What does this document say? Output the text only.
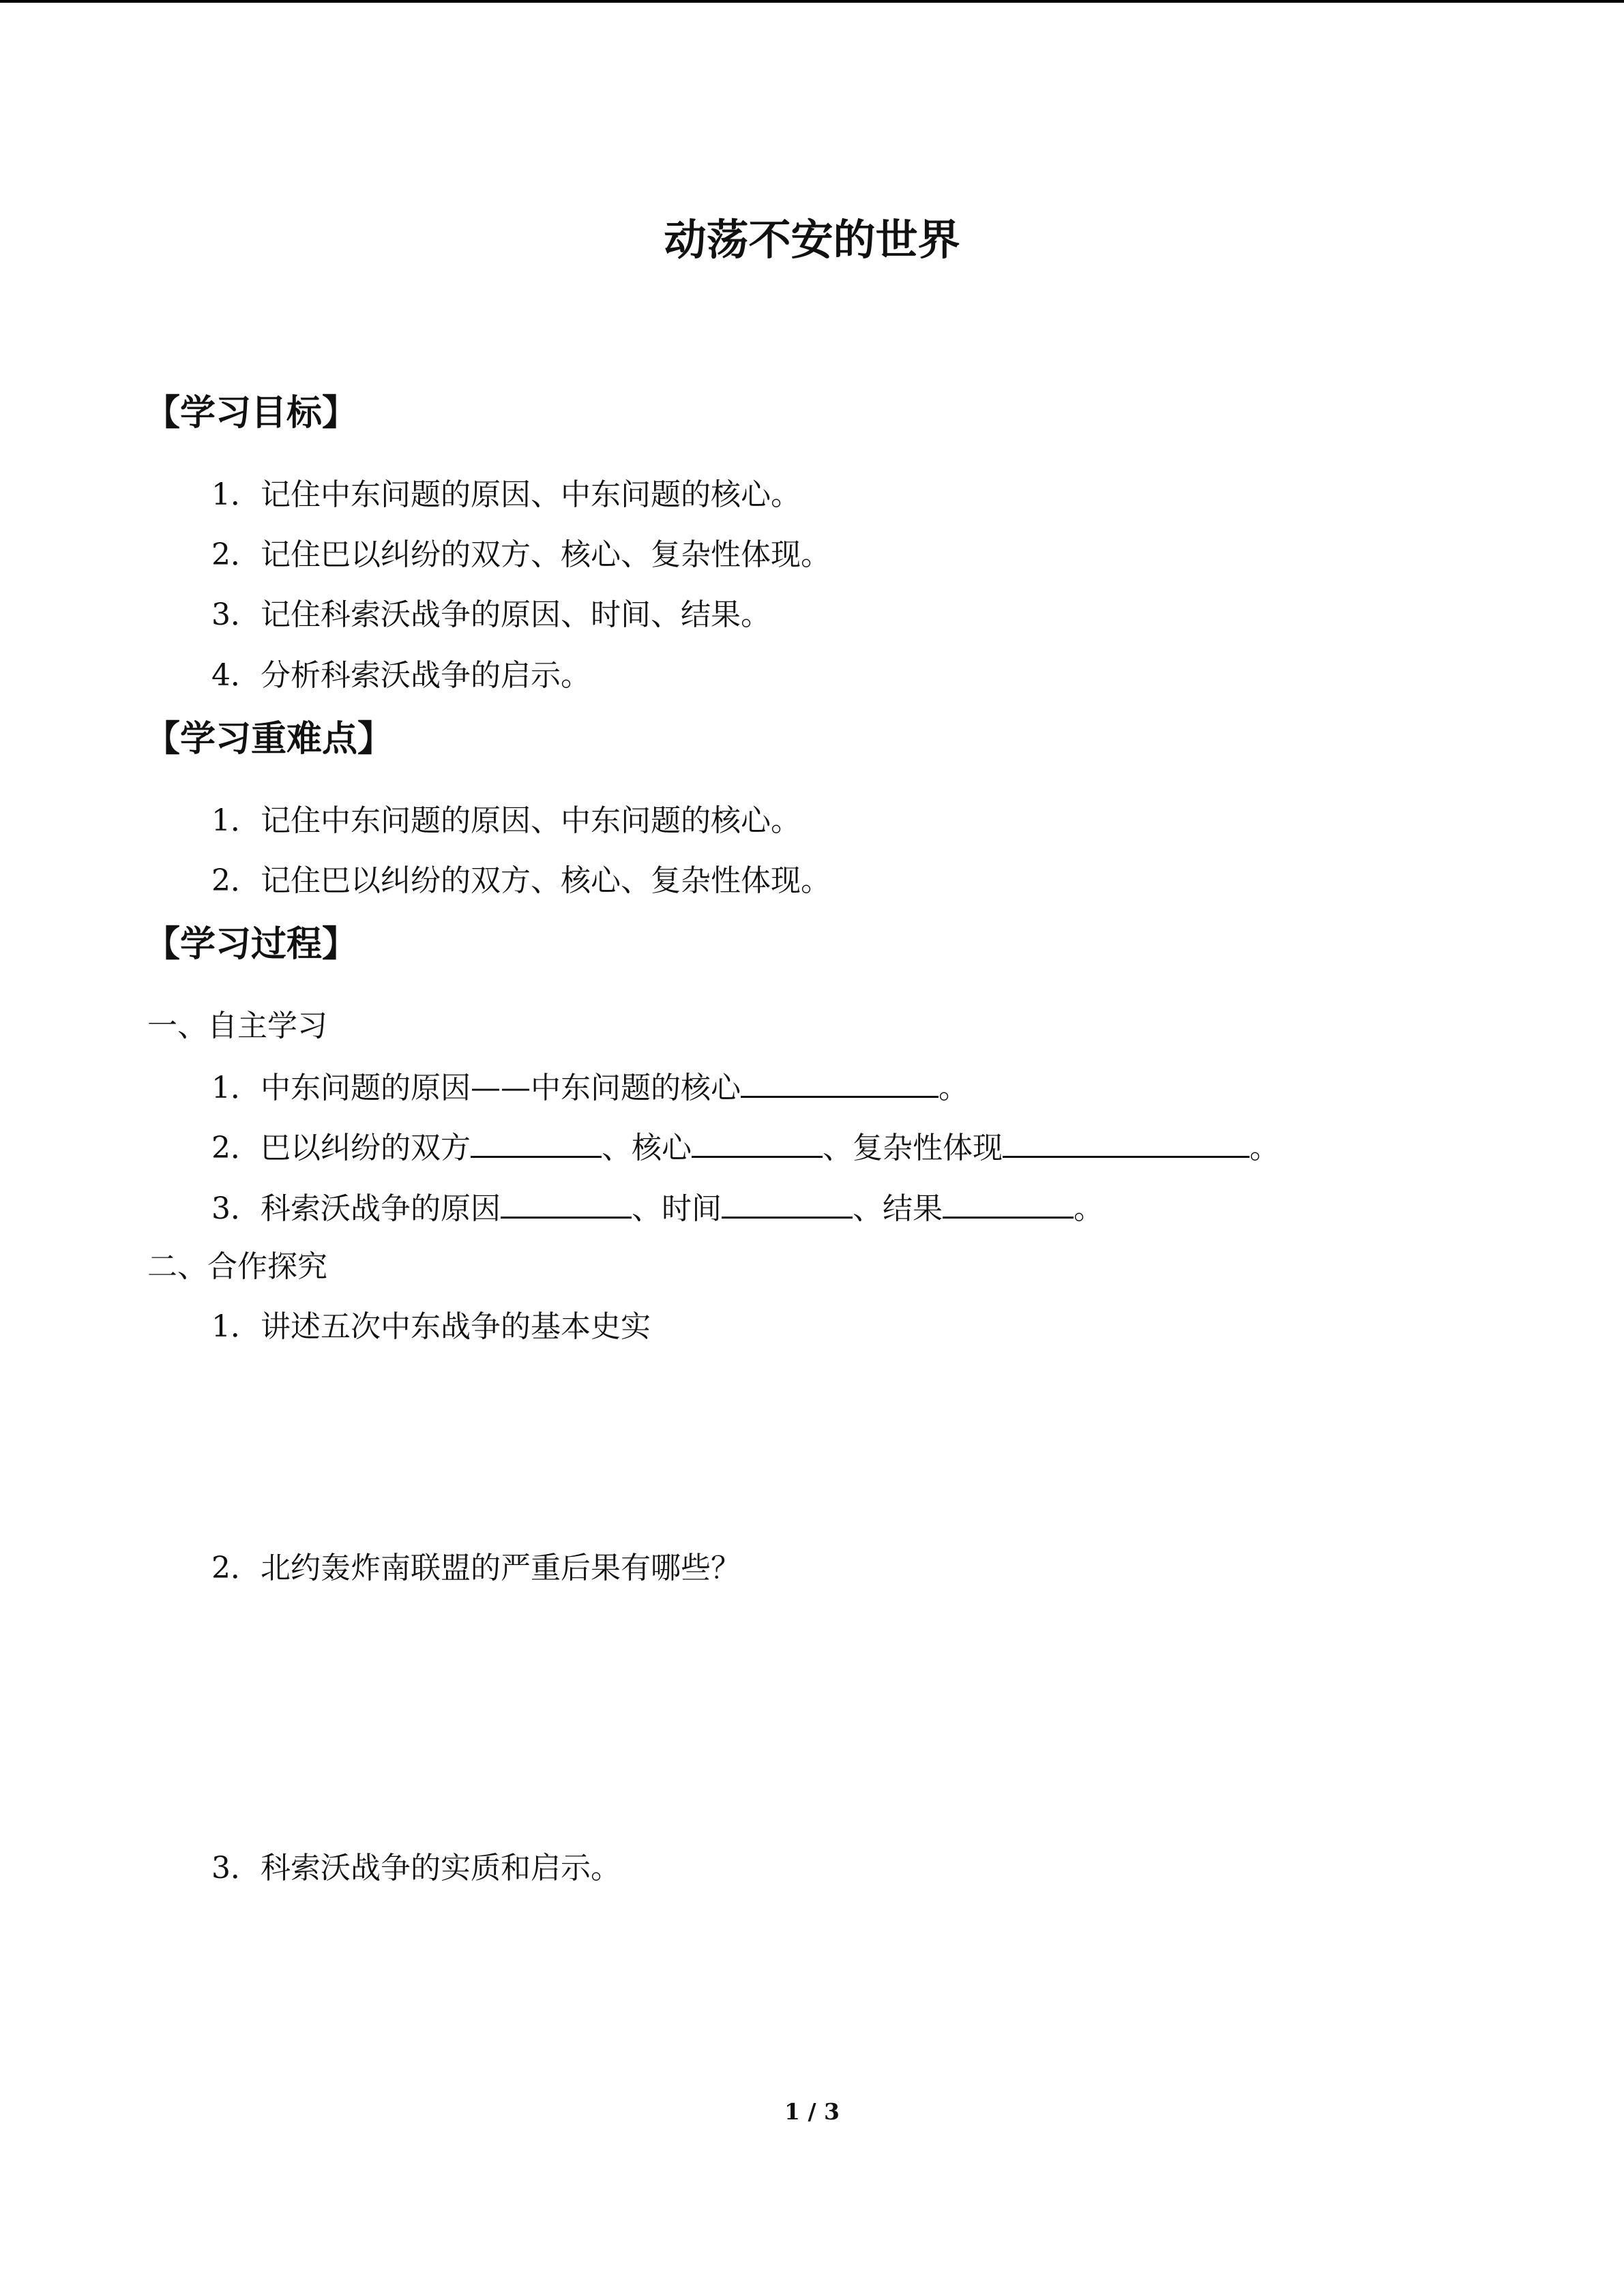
动荡不安的世界
【学习目标】
1．记住中东问题的原因、中东问题的核心。
2．记住巴以纠纷的双方、核心、复杂性体现。
3．记住科索沃战争的原因、时间、结果。
4．分析科索沃战争的启示。
【学习重难点】
1．记住中东问题的原因、中东问题的核心。
2．记住巴以纠纷的双方、核心、复杂性体现。
【学习过程】
一、自主学习
1．中东问题的原因——中东问题的核心	。
2．巴以纠纷的双方	、核心	、复杂性体现	。
3．科索沃战争的原因	、时间	、结果	。
二、合作探究
1．讲述五次中东战争的基本史实
2．北约轰炸南联盟的严重后果有哪些？
3．科索沃战争的实质和启示。
1 / 3
